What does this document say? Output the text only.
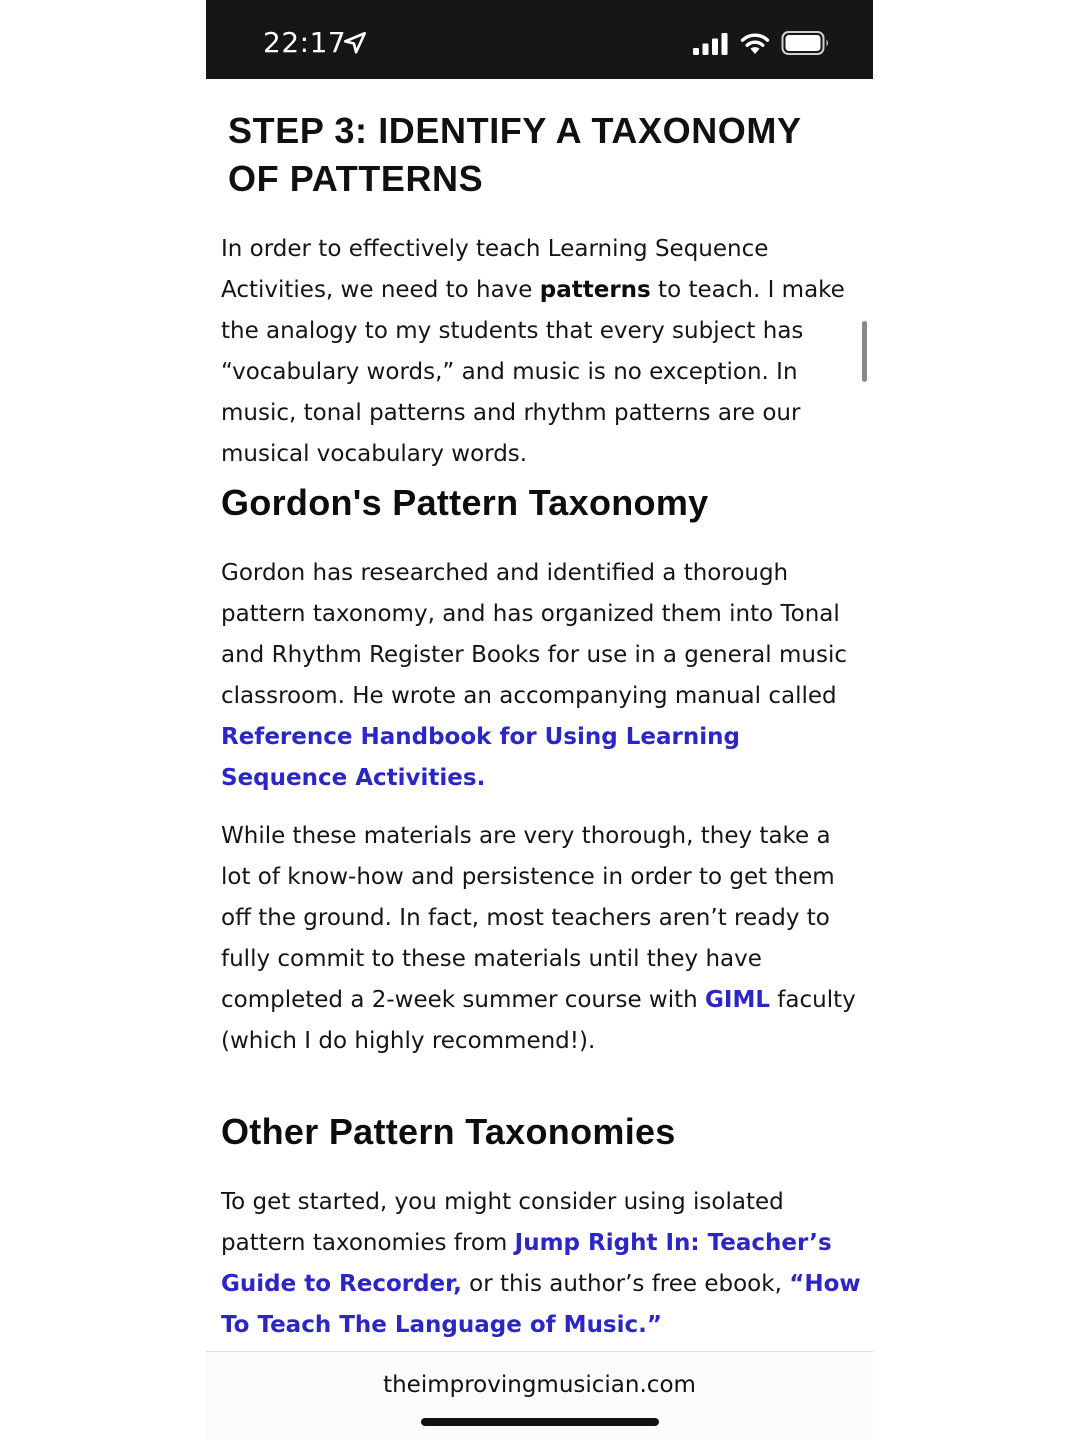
22:17
STEP 3: IDENTIFY A TAXONOMY OF PATTERNS

In order to effectively teach Learning Sequence Activities, we need to have patterns to teach. I make the analogy to my students that every subject has “vocabulary words,” and music is no exception. In music, tonal patterns and rhythm patterns are our musical vocabulary words.

Gordon's Pattern Taxonomy

Gordon has researched and identified a thorough pattern taxonomy, and has organized them into Tonal and Rhythm Register Books for use in a general music classroom. He wrote an accompanying manual called Reference Handbook for Using Learning Sequence Activities.

While these materials are very thorough, they take a lot of know-how and persistence in order to get them off the ground. In fact, most teachers aren’t ready to fully commit to these materials until they have completed a 2-week summer course with GIML faculty (which I do highly recommend!).

Other Pattern Taxonomies

To get started, you might consider using isolated pattern taxonomies from Jump Right In: Teacher’s Guide to Recorder, or this author’s free ebook, “How To Teach The Language of Music.”

theimprovingmusician.com
